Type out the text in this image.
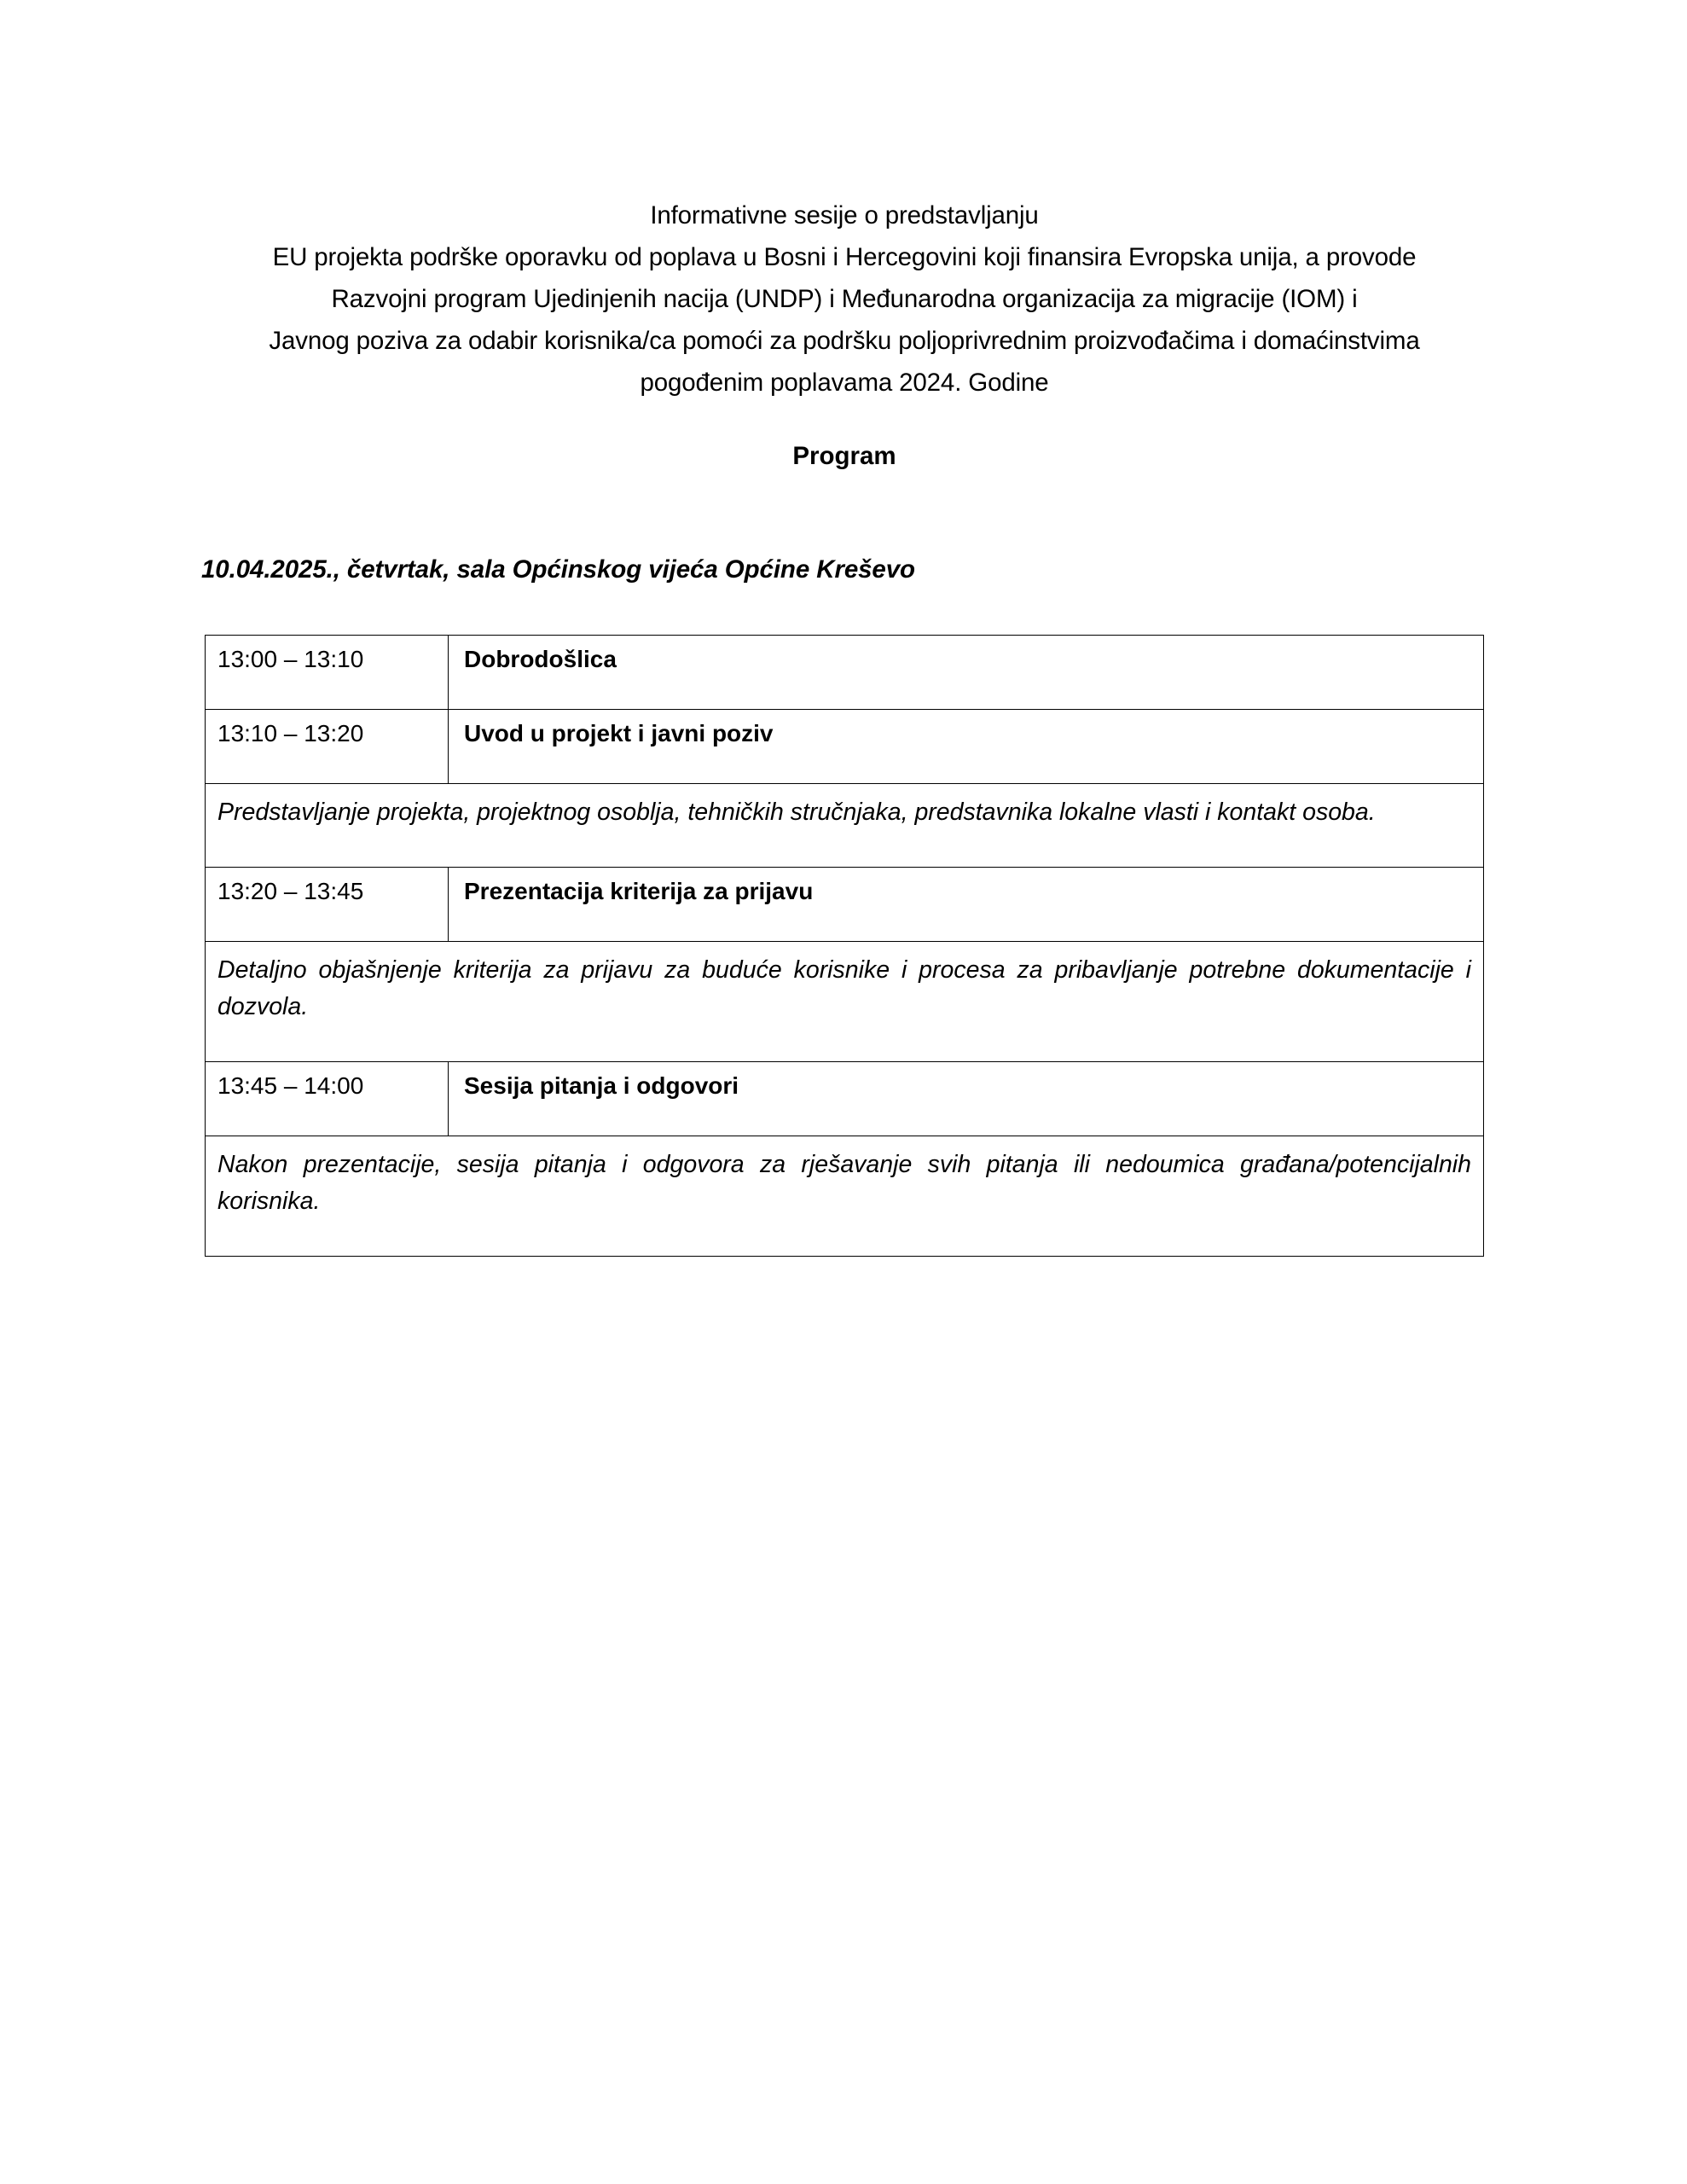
Informativne sesije o predstavljanju
EU projekta podrške oporavku od poplava u Bosni i Hercegovini koji finansira Evropska unija, a provode
Razvojni program Ujedinjenih nacija (UNDP) i Međunarodna organizacija za migracije (IOM) i
Javnog poziva za odabir korisnika/ca pomoći za podršku poljoprivrednim proizvođačima i domaćinstvima
pogođenim poplavama 2024. Godine
Program
10.04.2025., četvrtak, sala Općinskog vijeća Općine Kreševo
13:00 – 13:10	Dobrodošlica
13:10 – 13:20	Uvod u projekt i javni poziv
Predstavljanje projekta, projektnog osoblja, tehničkih stručnjaka, predstavnika lokalne vlasti i kontakt osoba.	
13:20 – 13:45	Prezentacija kriterija za prijavu
Detaljno objašnjenje kriterija za prijavu za buduće korisnike i procesa za pribavljanje potrebne dokumentacije i dozvola.	
13:45 – 14:00	Sesija pitanja i odgovori
Nakon prezentacije, sesija pitanja i odgovora za rješavanje svih pitanja ili nedoumica građana/potencijalnih korisnika.	
